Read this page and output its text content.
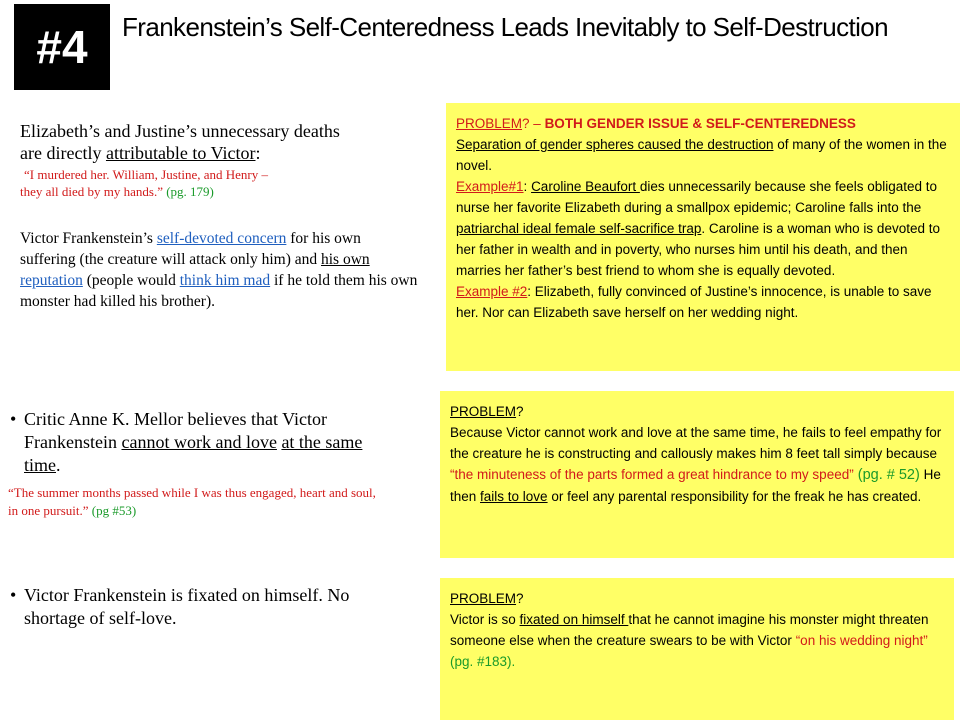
#4	Frankenstein’s Self-Centeredness Leads Inevitably to Self-Destruction
Elizabeth’s and Justine’s unnecessary deaths
are directly attributable to Victor:
“I murdered her. William, Justine, and Henry –
they all died by my hands.” (pg. 179)
Victor Frankenstein’s self-devoted concern for his own suffering (the creature will attack only him) and his own reputation (people would think him mad if he told them his own monster had killed his brother).
• Critic Anne K. Mellor believes that Victor Frankenstein cannot work and love at the same time.
“The summer months passed while I was thus engaged, heart and soul, in one pursuit.” (pg #53)
• Victor Frankenstein is fixated on himself. No shortage of self-love.
PROBLEM? – BOTH GENDER ISSUE & SELF-CENTEREDNESS
Separation of gender spheres caused the destruction of many of the women in the novel.
Example#1: Caroline Beaufort dies unnecessarily because she feels obligated to nurse her favorite Elizabeth during a smallpox epidemic; Caroline falls into the patriarchal ideal female self-sacrifice trap. Caroline is a woman who is devoted to her father in wealth and in poverty, who nurses him until his death, and then marries her father’s best friend to whom she is equally devoted.
Example #2: Elizabeth, fully convinced of Justine’s innocence, is unable to save her. Nor can Elizabeth save herself on her wedding night.
PROBLEM?
Because Victor cannot work and love at the same time, he fails to feel empathy for the creature he is constructing and callously makes him 8 feet tall simply because “the minuteness of the parts formed a great hindrance to my speed” (pg. # 52) He then fails to love or feel any parental responsibility for the freak he has created.
PROBLEM?
Victor is so fixated on himself that he cannot imagine his monster might threaten someone else when the creature swears to be with Victor “on his wedding night” (pg. #183).
